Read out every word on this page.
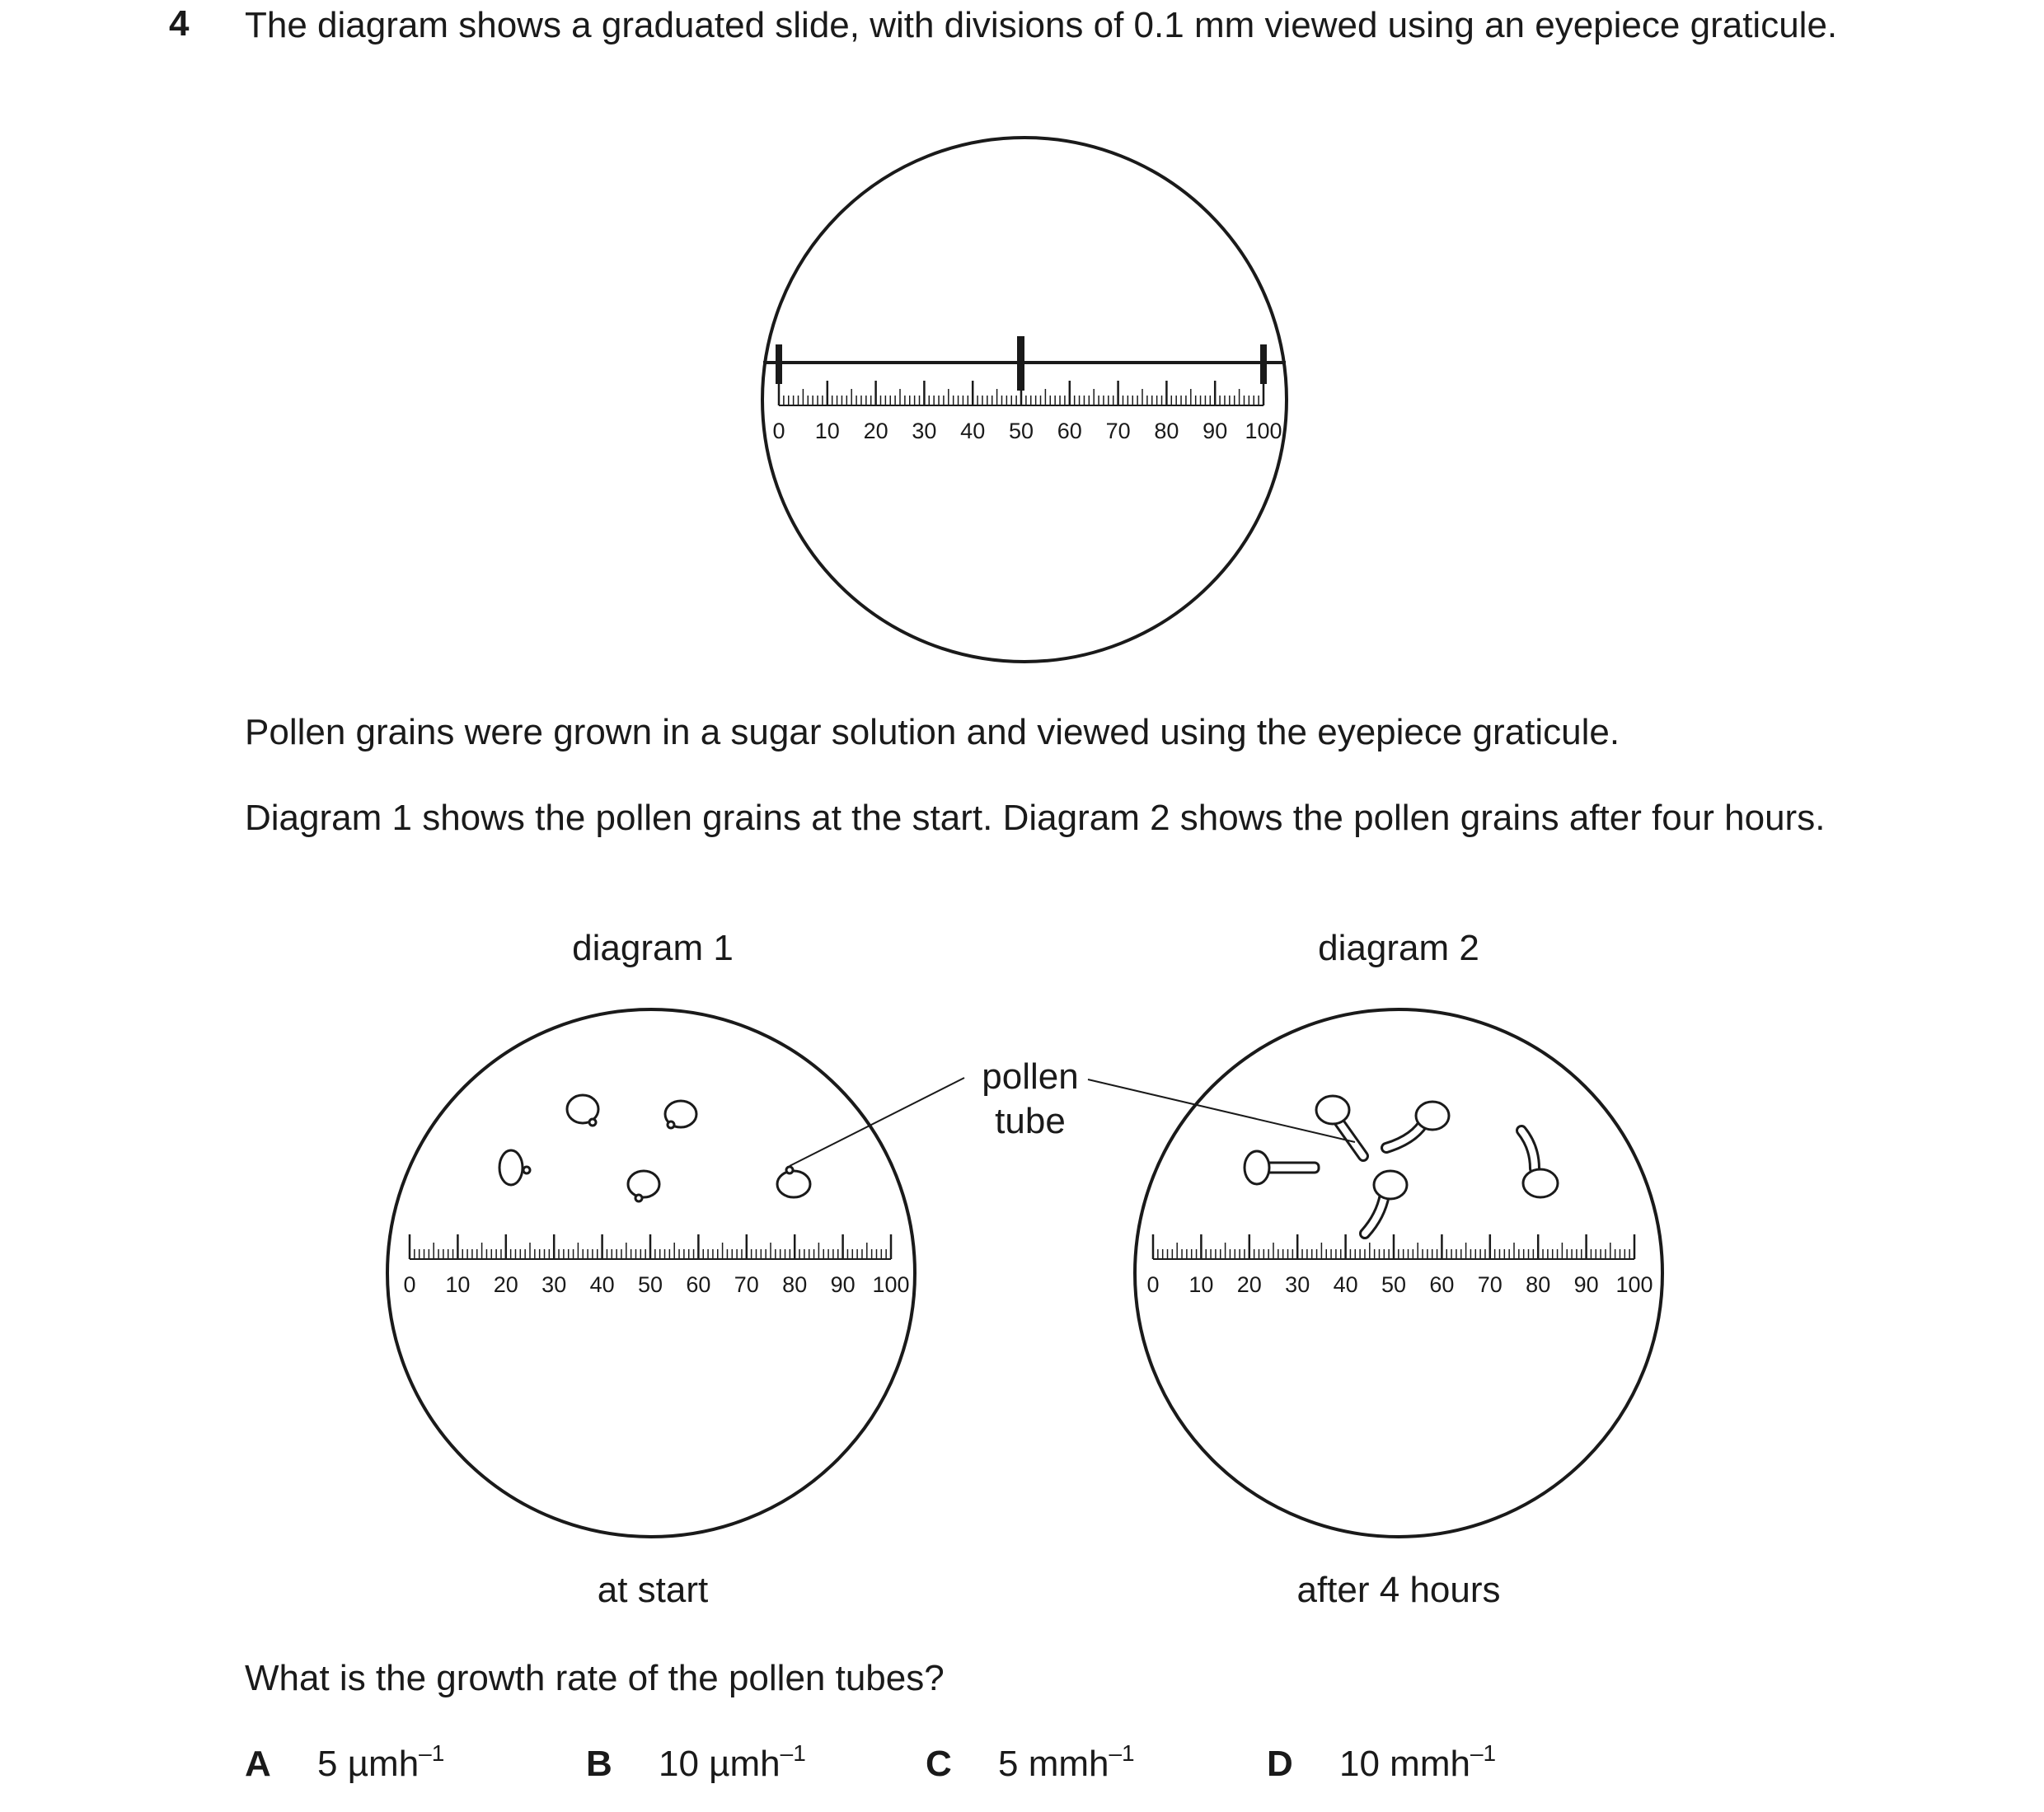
4 The diagram shows a graduated slide, with divisions of 0.1 mm viewed using an eyepiece graticule.

Pollen grains were grown in a sugar solution and viewed using the eyepiece graticule.

Diagram 1 shows the pollen grains at the start. Diagram 2 shows the pollen grains after four hours.

0 10 20 30 40 50 60 70 80 90 100
0 10 20 30 40 50 60 70 80 90 100	0 10 20 30 40 50 60 70 80 90 100
diagram 1	diagram 2
at start	after 4 hours
pollen
tube

What is the growth rate of the pollen tubes?

A 5 µmh$^{-1}$	B 10 µmh$^{-1}$	C 5 mmh$^{-1}$	D 10 mmh$^{-1}$
